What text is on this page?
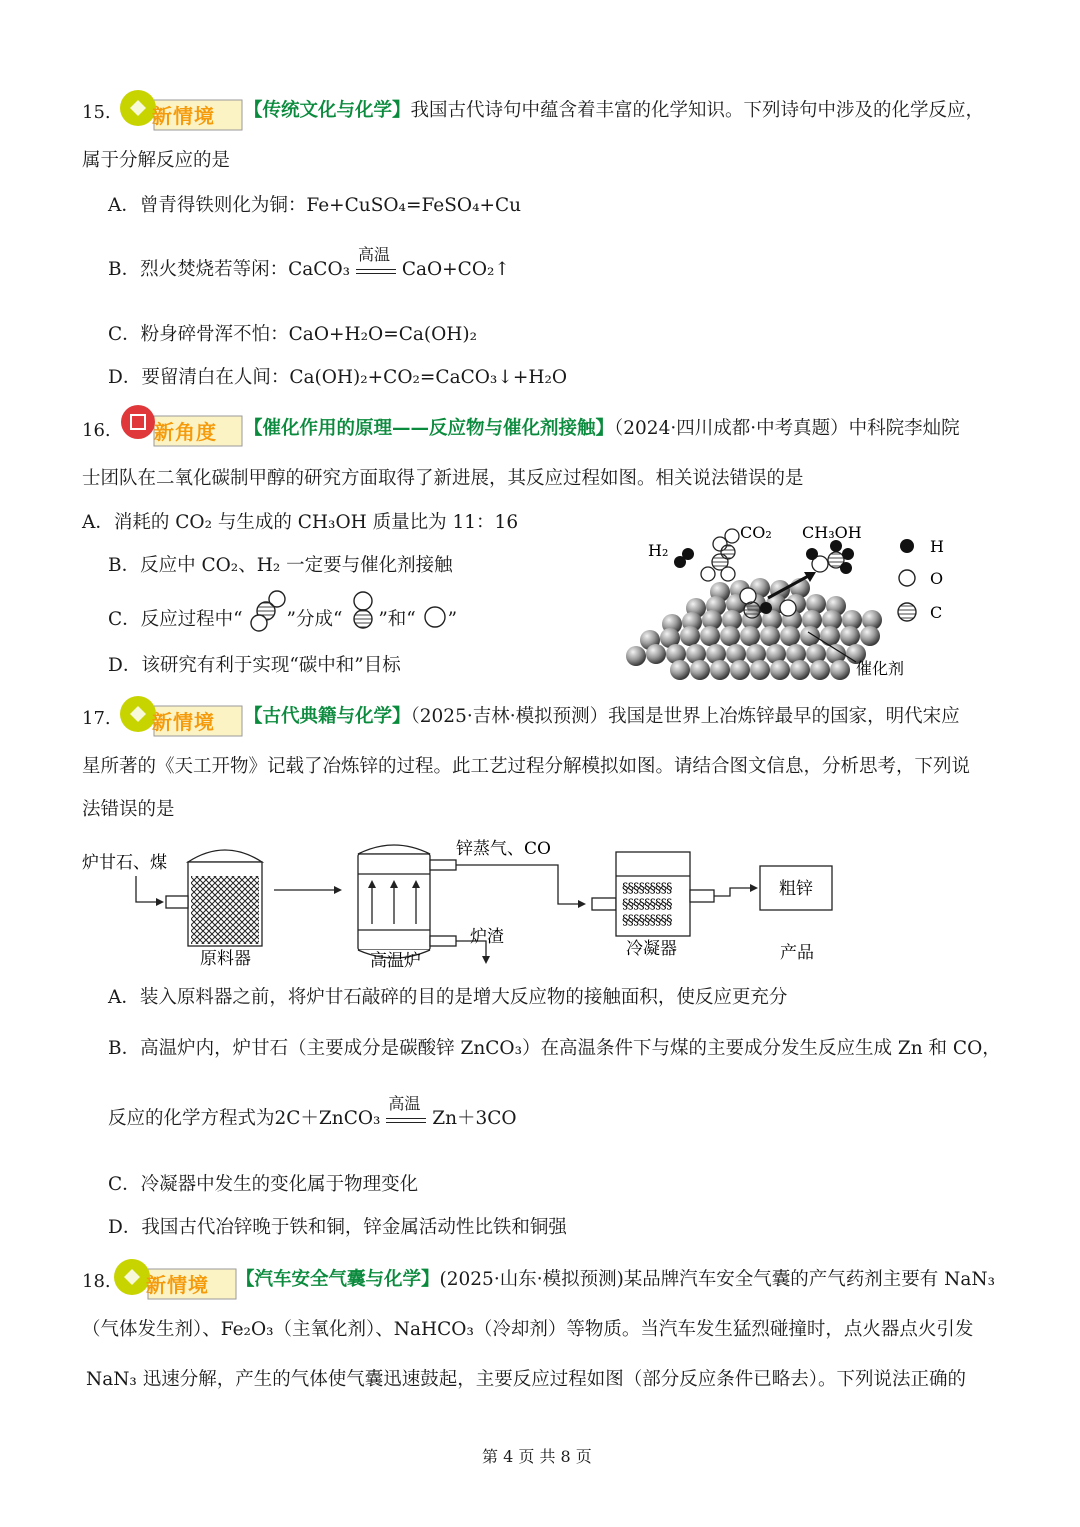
15. 新情境 【传统文化与化学】我国古代诗句中蕴含着丰富的化学知识。下列诗句中涉及的化学反应，
属于分解反应的是
A．曾青得铁则化为铜：Fe+CuSO₄=FeSO₄+Cu
B．烈火焚烧若等闲：CaCO₃
高温
CaO+CO₂↑
C．粉身碎骨浑不怕：CaO+H₂O=Ca(OH)₂
D．要留清白在人间：Ca(OH)₂+CO₂=CaCO₃↓+H₂O
16. 新角度 【催化作用的原理——反应物与催化剂接触】（2024·四川成都·中考真题）中科院李灿院
士团队在二氧化碳制甲醇的研究方面取得了新进展，其反应过程如图。相关说法错误的是
A．消耗的 CO₂ 与生成的 CH₃OH 质量比为 11：16
B．反应中 CO₂、H₂ 一定要与催化剂接触
C．反应过程中“ ”分成“ ”和“ ”
D．该研究有利于实现“碳中和”目标
H₂
CO₂ CH₃OH
催化剂
H
O
C
17. 新情境 【古代典籍与化学】（2025·吉林·模拟预测）我国是世界上冶炼锌最早的国家，明代宋应
星所著的《天工开物》记载了冶炼锌的过程。此工艺过程分解模拟如图。请结合图文信息，分析思考，下列说
法错误的是
炉甘石、煤
原料器
炉渣
高温炉
锌蒸气、CO
§§§§§§§§§
§§§§§§§§§
§§§§§§§§§
冷凝器
粗锌
产品
A．装入原料器之前，将炉甘石敲碎的目的是增大反应物的接触面积，使反应更充分
B．高温炉内，炉甘石（主要成分是碳酸锌 ZnCO₃）在高温条件下与煤的主要成分发生反应生成 Zn 和 CO，
反应的化学方程式为2C＋ZnCO₃
高温
Zn＋3CO
C．冷凝器中发生的变化属于物理变化
D．我国古代冶锌晚于铁和铜，锌金属活动性比铁和铜强
18. 新情境 【汽车安全气囊与化学】(2025·山东·模拟预测)某品牌汽车安全气囊的产气药剂主要有 NaN₃
（气体发生剂）、Fe₂O₃（主氧化剂）、NaHCO₃（冷却剂）等物质。当汽车发生猛烈碰撞时，点火器点火引发
NaN₃ 迅速分解，产生的气体使气囊迅速鼓起，主要反应过程如图（部分反应条件已略去）。下列说法正确的
第 4 页 共 8 页
